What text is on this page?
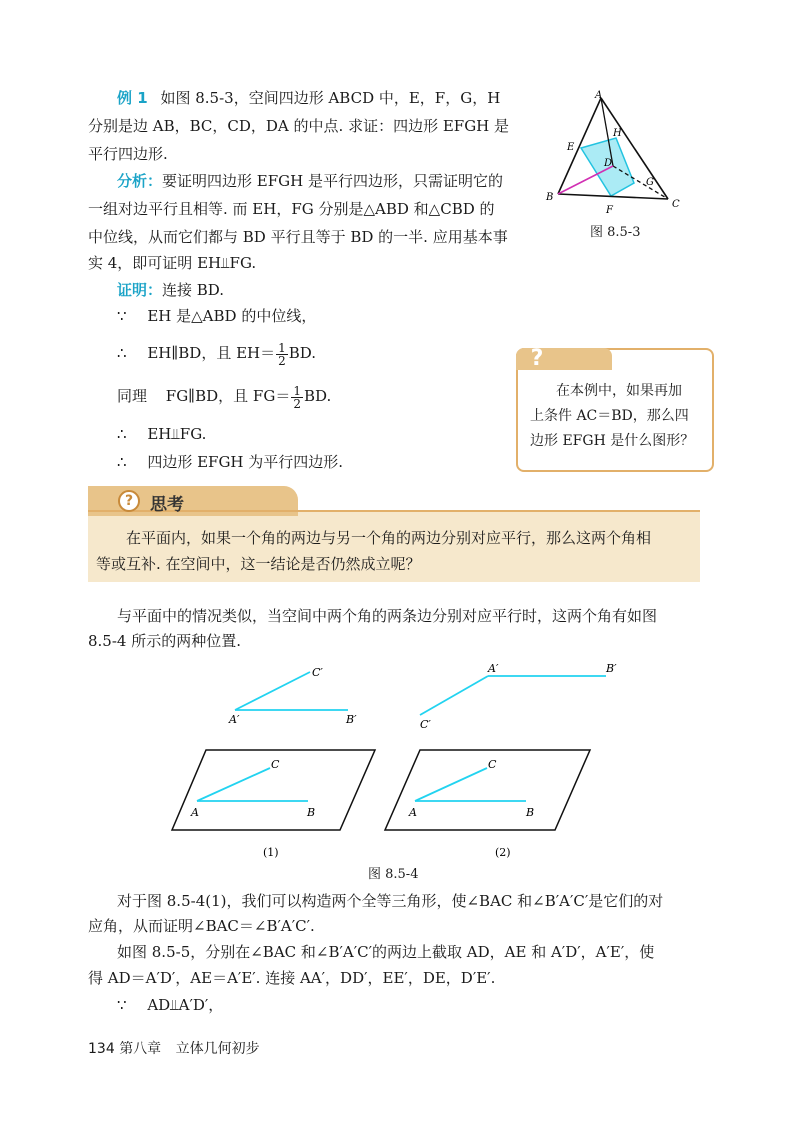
例 1 如图 8.5-3，空间四边形 ABCD 中，E，F，G，H
分别是边 AB，BC，CD，DA 的中点. 求证：四边形 EFGH 是
平行四边形.
分析：要证明四边形 EFGH 是平行四边形，只需证明它的
一组对边平行且相等. 而 EH，FG 分别是△ABD 和△CBD 的
中位线，从而它们都与 BD 平行且等于 BD 的一半. 应用基本事
实 4，即可证明 EH⫫FG.
证明：连接 BD.
∵ EH 是△ABD 的中位线，
∴ EH∥BD，且 $EH= \frac{1}{2}$ BD.
同理 FG∥BD，且 $FG= \frac{1}{2}$ BD.
∴ EH⫫FG.
∴ 四边形 EFGH 为平行四边形.
A
B
C
D
E
F
G
H
图 8.5-3
?
在本例中，如果再加
上条件 AC＝BD，那么四
边形 EFGH 是什么图形？
? 思考
在平面内，如果一个角的两边与另一个角的两边分别对应平行，那么这两个角相
等或互补. 在空间中，这一结论是否仍然成立呢？
与平面中的情况类似，当空间中两个角的两条边分别对应平行时，这两个角有如图
8.5-4 所示的两种位置.
C′
A′	B′
C
A	B
(1)
A′	B′
C′
C
A	B
(2)
图 8.5-4
对于图 8.5-4(1)，我们可以构造两个全等三角形，使∠BAC 和∠B′A′C′是它们的对
应角，从而证明∠BAC＝∠B′A′C′.
如图 8.5-5，分别在∠BAC 和∠B′A′C′的两边上截取 AD，AE 和 A′D′，A′E′，使
得 AD＝A′D′，AE＝A′E′. 连接 AA′，DD′，EE′，DE，D′E′.
∵ AD⫫A′D′，
134 第八章 立体几何初步
